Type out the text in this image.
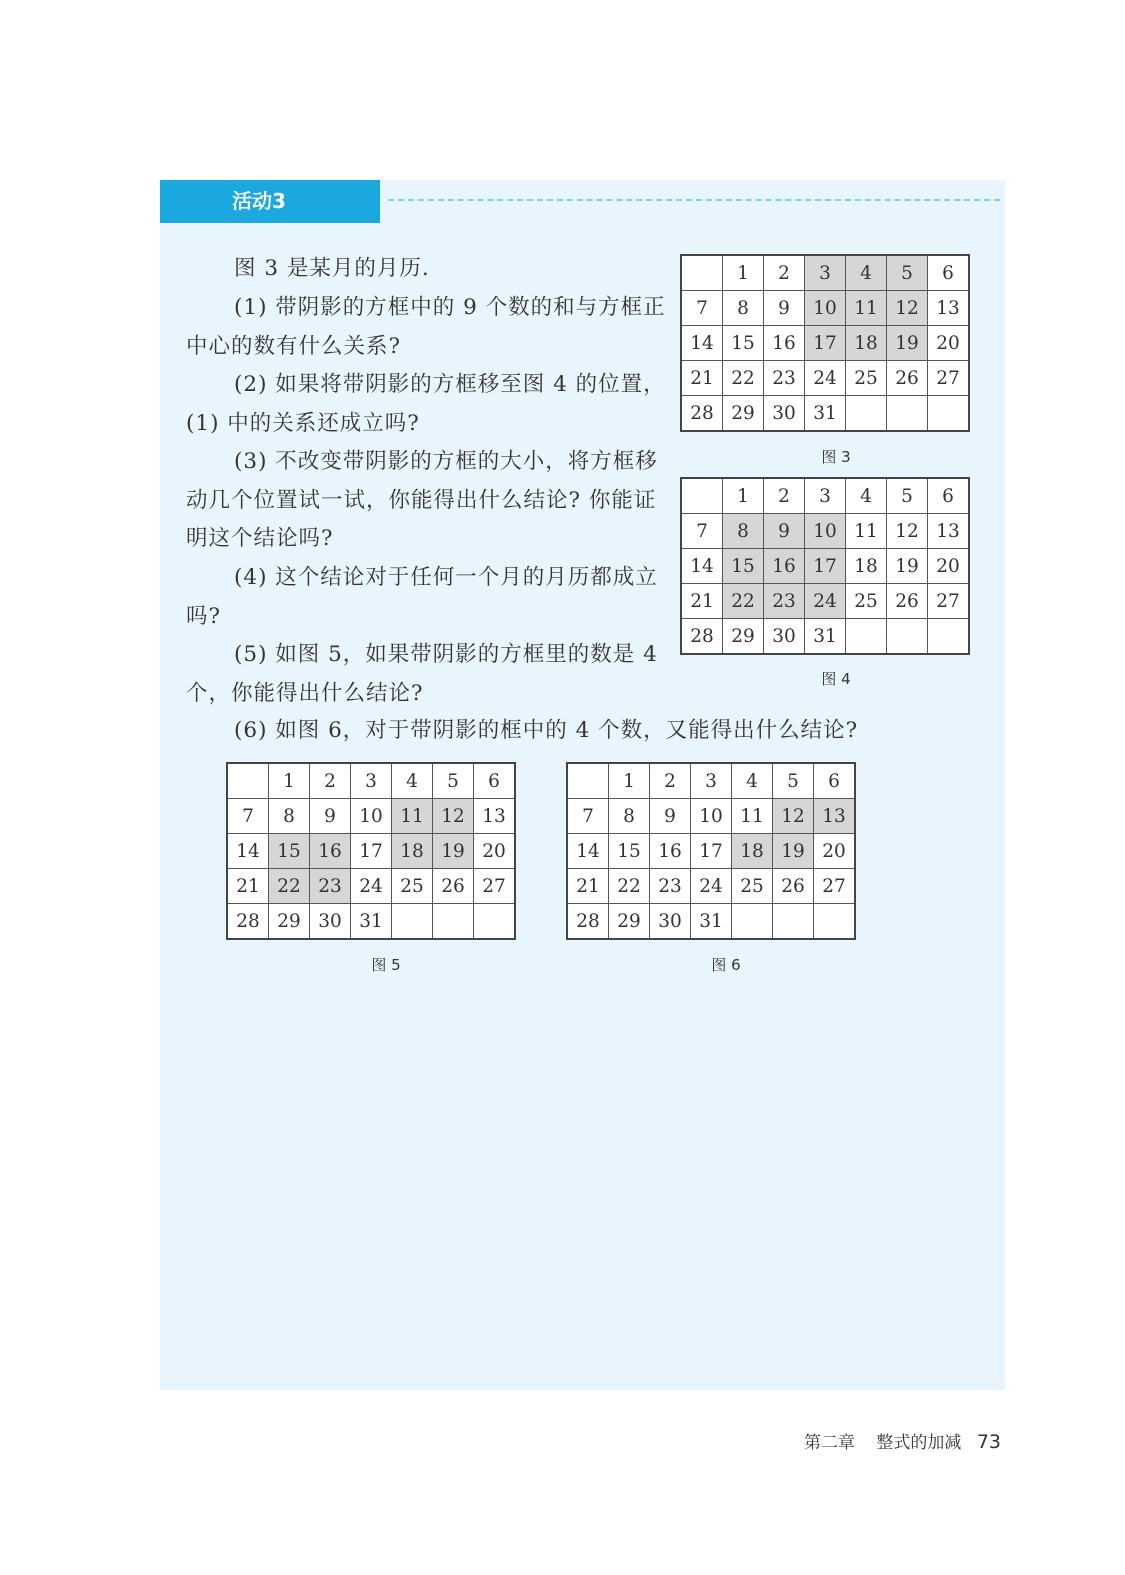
活动3

图 3 是某月的月历.

(1) 带阴影的方框中的 9 个数的和与方框正中心的数有什么关系?

(2) 如果将带阴影的方框移至图 4 的位置，(1) 中的关系还成立吗?

(3) 不改变带阴影的方框的大小，将方框移动几个位置试一试，你能得出什么结论? 你能证明这个结论吗?

(4) 这个结论对于任何一个月的月历都成立吗?

(5) 如图 5，如果带阴影的方框里的数是 4 个，你能得出什么结论?

(6) 如图 6，对于带阴影的框中的 4 个数，又能得出什么结论?

	1	2	3	4	5	6
7	8	9	10	11	12	13
14	15	16	17	18	19	20
21	22	23	24	25	26	27
28	29	30	31			
图 3
	1	2	3	4	5	6
7	8	9	10	11	12	13
14	15	16	17	18	19	20
21	22	23	24	25	26	27
28	29	30	31			
图 4
	1	2	3	4	5	6
7	8	9	10	11	12	13
14	15	16	17	18	19	20
21	22	23	24	25	26	27
28	29	30	31			
图 5
	1	2	3	4	5	6
7	8	9	10	11	12	13
14	15	16	17	18	19	20
21	22	23	24	25	26	27
28	29	30	31			
图 6
第二章 整式的加减 73
